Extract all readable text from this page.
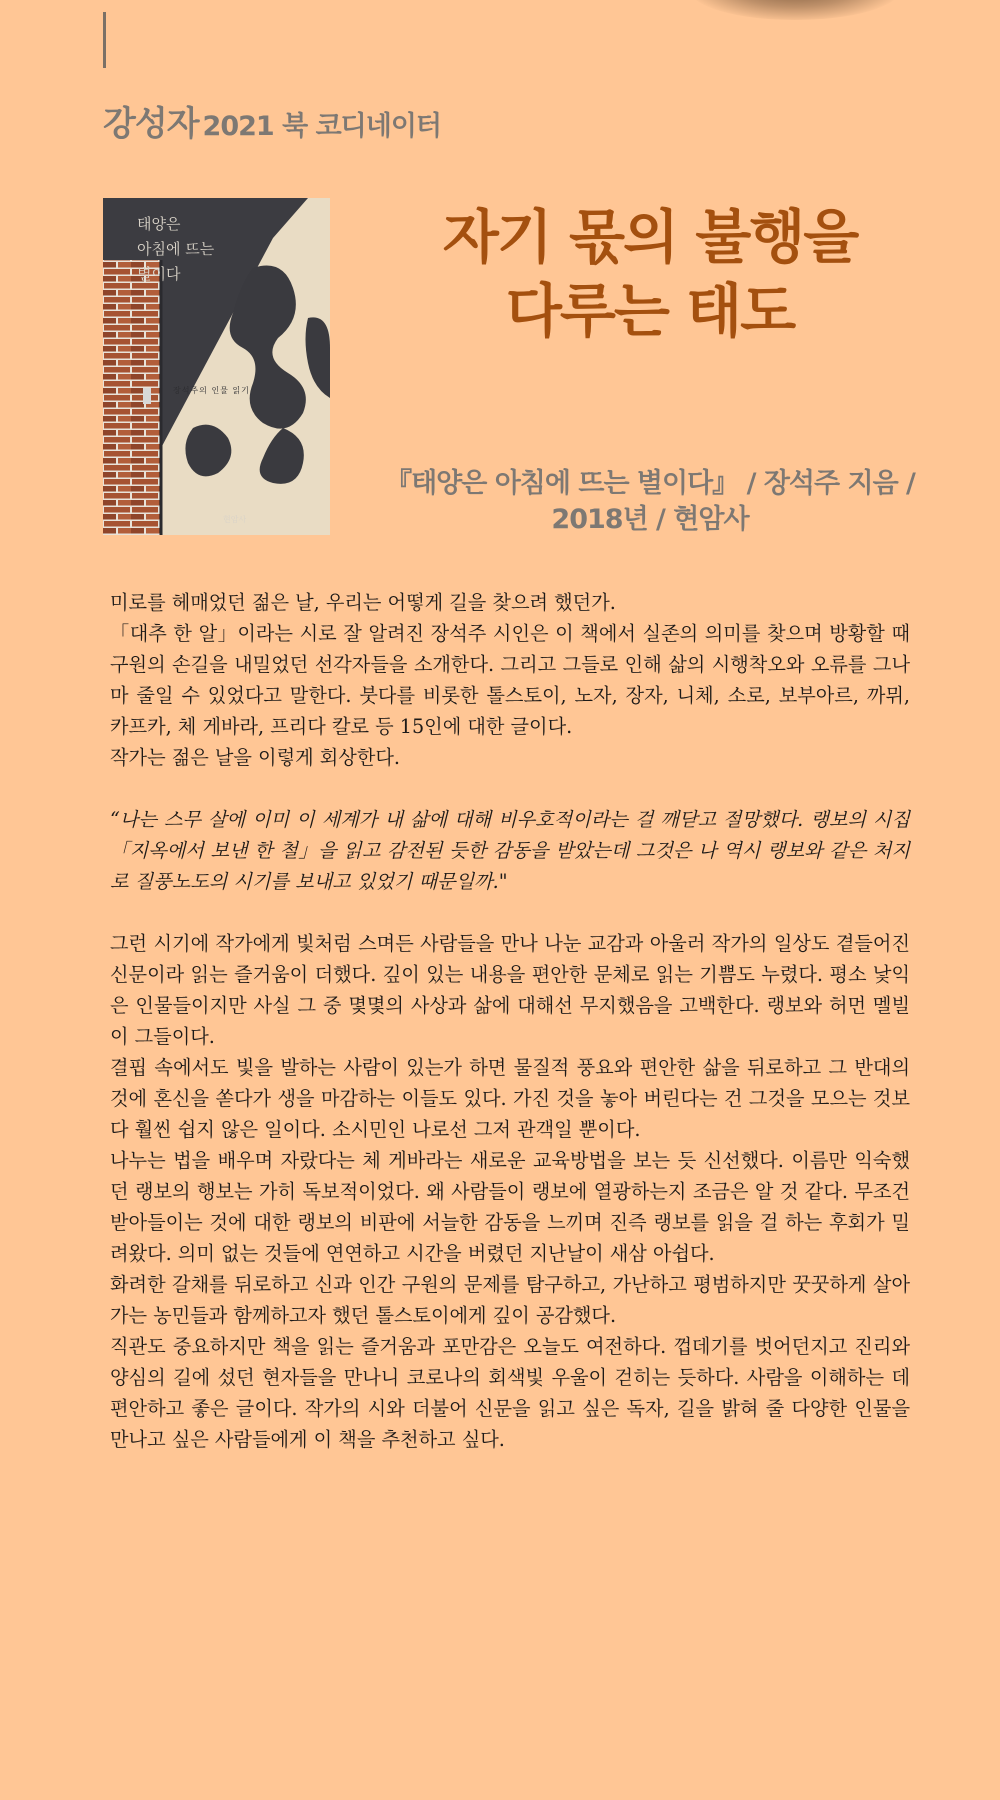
강성자 2021 북 코디네이터

태양은
아침에 뜨는
별이다

장석주의 인물 읽기

현암사

자기 몫의 불행을
다루는 태도

『태양은 아침에 뜨는 별이다』 / 장석주 지음 /
2018년 / 현암사

미로를 헤매었던 젊은 날, 우리는 어떻게 길을 찾으려 했던가.

「대추 한 알」이라는 시로 잘 알려진 장석주 시인은 이 책에서 실존의 의미를 찾으며 방황할 때 구원의 손길을 내밀었던 선각자들을 소개한다. 그리고 그들로 인해 삶의 시행착오와 오류를 그나마 줄일 수 있었다고 말한다. 붓다를 비롯한 톨스토이, 노자, 장자, 니체, 소로, 보부아르, 까뮈, 카프카, 체 게바라, 프리다 칼로 등 15인에 대한 글이다.

작가는 젊은 날을 이렇게 회상한다.

“나는 스무 살에 이미 이 세계가 내 삶에 대해 비우호적이라는 걸 깨닫고 절망했다. 랭보의 시집「지옥에서 보낸 한 철」을 읽고 감전된 듯한 감동을 받았는데 그것은 나 역시 랭보와 같은 처지로 질풍노도의 시기를 보내고 있었기 때문일까."

그런 시기에 작가에게 빛처럼 스며든 사람들을 만나 나눈 교감과 아울러 작가의 일상도 곁들어진 신문이라 읽는 즐거움이 더했다. 깊이 있는 내용을 편안한 문체로 읽는 기쁨도 누렸다. 평소 낯익은 인물들이지만 사실 그 중 몇몇의 사상과 삶에 대해선 무지했음을 고백한다. 랭보와 허먼 멜빌이 그들이다.

결핍 속에서도 빛을 발하는 사람이 있는가 하면 물질적 풍요와 편안한 삶을 뒤로하고 그 반대의 것에 혼신을 쏟다가 생을 마감하는 이들도 있다. 가진 것을 놓아 버린다는 건 그것을 모으는 것보다 훨씬 쉽지 않은 일이다. 소시민인 나로선 그저 관객일 뿐이다.

나누는 법을 배우며 자랐다는 체 게바라는 새로운 교육방법을 보는 듯 신선했다. 이름만 익숙했던 랭보의 행보는 가히 독보적이었다. 왜 사람들이 랭보에 열광하는지 조금은 알 것 같다. 무조건 받아들이는 것에 대한 랭보의 비판에 서늘한 감동을 느끼며 진즉 랭보를 읽을 걸 하는 후회가 밀려왔다. 의미 없는 것들에 연연하고 시간을 버렸던 지난날이 새삼 아쉽다.

화려한 갈채를 뒤로하고 신과 인간 구원의 문제를 탐구하고, 가난하고 평범하지만 꿋꿋하게 살아가는 농민들과 함께하고자 했던 톨스토이에게 깊이 공감했다.

직관도 중요하지만 책을 읽는 즐거움과 포만감은 오늘도 여전하다. 껍데기를 벗어던지고 진리와 양심의 길에 섰던 현자들을 만나니 코로나의 회색빛 우울이 걷히는 듯하다. 사람을 이해하는 데 편안하고 좋은 글이다. 작가의 시와 더불어 신문을 읽고 싶은 독자, 길을 밝혀 줄 다양한 인물을 만나고 싶은 사람들에게 이 책을 추천하고 싶다.
